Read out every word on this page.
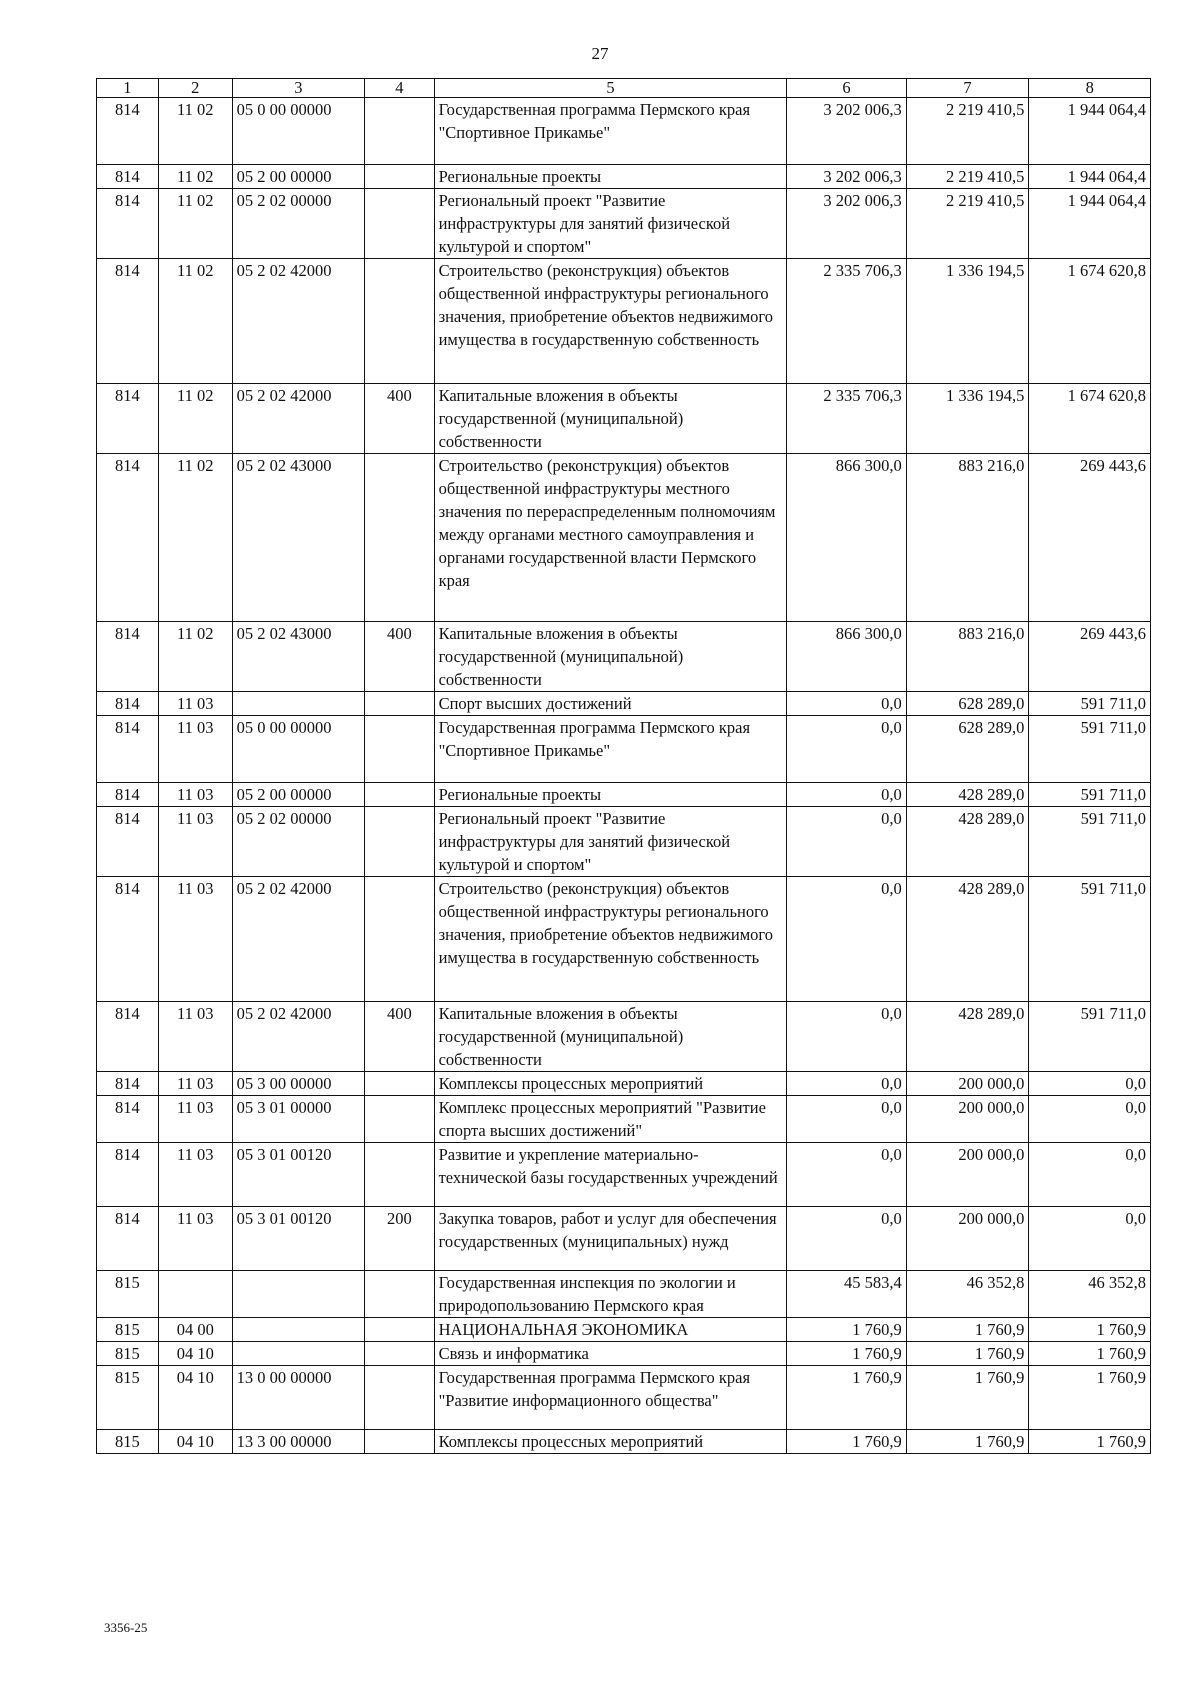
27
1	2	3	4	5	6	7	8
814	11 02	05 0 00 00000		Государственная программа Пермского края "Спортивное Прикамье"	3 202 006,3	2 219 410,5	1 944 064,4
814	11 02	05 2 00 00000		Региональные проекты	3 202 006,3	2 219 410,5	1 944 064,4
814	11 02	05 2 02 00000		Региональный проект "Развитие инфраструктуры для занятий физической культурой и спортом"	3 202 006,3	2 219 410,5	1 944 064,4
814	11 02	05 2 02 42000		Строительство (реконструкция) объектов общественной инфраструктуры регионального значения, приобретение объектов недвижимого имущества в государственную собственность	2 335 706,3	1 336 194,5	1 674 620,8
814	11 02	05 2 02 42000	400	Капитальные вложения в объекты государственной (муниципальной) собственности	2 335 706,3	1 336 194,5	1 674 620,8
814	11 02	05 2 02 43000		Строительство (реконструкция) объектов общественной инфраструктуры местного значения по перераспределенным полномочиям между органами местного самоуправления и органами государственной власти Пермского края	866 300,0	883 216,0	269 443,6
814	11 02	05 2 02 43000	400	Капитальные вложения в объекты государственной (муниципальной) собственности	866 300,0	883 216,0	269 443,6
814	11 03			Спорт высших достижений	0,0	628 289,0	591 711,0
814	11 03	05 0 00 00000		Государственная программа Пермского края "Спортивное Прикамье"	0,0	628 289,0	591 711,0
814	11 03	05 2 00 00000		Региональные проекты	0,0	428 289,0	591 711,0
814	11 03	05 2 02 00000		Региональный проект "Развитие инфраструктуры для занятий физической культурой и спортом"	0,0	428 289,0	591 711,0
814	11 03	05 2 02 42000		Строительство (реконструкция) объектов общественной инфраструктуры регионального значения, приобретение объектов недвижимого имущества в государственную собственность	0,0	428 289,0	591 711,0
814	11 03	05 2 02 42000	400	Капитальные вложения в объекты государственной (муниципальной) собственности	0,0	428 289,0	591 711,0
814	11 03	05 3 00 00000		Комплексы процессных мероприятий	0,0	200 000,0	0,0
814	11 03	05 3 01 00000		Комплекс процессных мероприятий "Развитие спорта высших достижений"	0,0	200 000,0	0,0
814	11 03	05 3 01 00120		Развитие и укрепление материально-технической базы государственных учреждений	0,0	200 000,0	0,0
814	11 03	05 3 01 00120	200	Закупка товаров, работ и услуг для обеспечения государственных (муниципальных) нужд	0,0	200 000,0	0,0
815				Государственная инспекция по экологии и природопользованию Пермского края	45 583,4	46 352,8	46 352,8
815	04 00			НАЦИОНАЛЬНАЯ ЭКОНОМИКА	1 760,9	1 760,9	1 760,9
815	04 10			Связь и информатика	1 760,9	1 760,9	1 760,9
815	04 10	13 0 00 00000		Государственная программа Пермского края "Развитие информационного общества"	1 760,9	1 760,9	1 760,9
815	04 10	13 3 00 00000		Комплексы процессных мероприятий	1 760,9	1 760,9	1 760,9
3356-25
